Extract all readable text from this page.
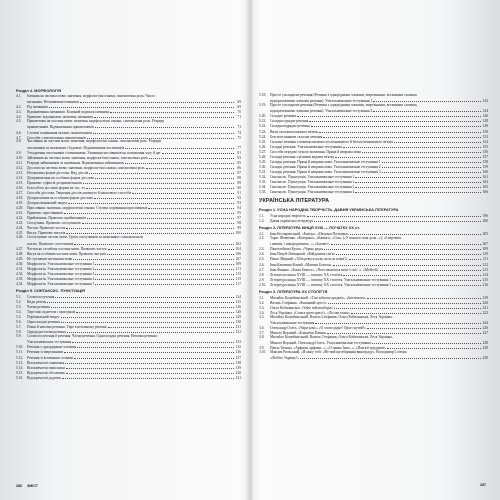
Розділ 4. МОРФОЛОГІЯ
4.1.	Іменник як частина мови: значення, морфологічні ознаки, синтаксична роль. Число
іменників. Незмінювані іменники	69
4.2.	Рід іменників	69
4.3.	Відмінювання іменників. Кличний відмінок іменника	70
4.4.	Правопис відмінкових закінчень іменників	71
4.5.	Прикметник як частина мови: значення, морфологічні ознаки, синтаксична роль. Розряди
прикметників. Відмінювання прикметників	73
4.6.	Ступені порівняння якісних прикметників	74
4.7.	Способи словотворення прикметників	75
4.8.	Числівник як частина мови: значення, морфологічні ознаки, синтаксична роль. Розряди
числівників за значенням і будовою. Відмінювання числівників	77
4.9.	Узгодження числівників з іменниками. Уживання числівників на позначення часу й дат	81
4.10.	Займенник як частина мови: значення, морфологічні ознаки, синтаксична роль	83
4.11.	Розряди займенників за значенням. Відмінювання займенників	85
4.12.	Дієслово як частина мови: значення, морфологічні ознаки, синтаксична роль	86
4.13.	Неозначена форма дієслова. Вид дієслів	87
4.14.	Дієприкметник як особлива форма дієслова	88
4.15.	Правопис суфіксів дієприкметників	89
4.16.	Безособові дієслівні форми на -но, -то	90
4.17.	Способи дієслова. Творення дієслів умовного й наказового способів	91
4.18.	Дієприслівник як особлива форма дієслова	92
4.19.	Дієприслівниковий зворот	93
4.20.	Прислівник: значення, морфологічні ознаки. Ступені порівняння прислівників	94
4.21.	Правопис прислівників	95
4.22.	Прийменник. Правопис прийменників	97
4.23.	Сполучник. Правопис сполучників	98
4.24.	Частки. Правопис часток	99
4.25.	Вигук. Правопис вигуків	100
4.26.	Сполучуване частин мови. Групи сполучників за значенням і синтаксичною
роллю. Правопис сполучників	102
4.27.	Частки як службова частина мови. Правопис часток	104
4.28.	Вигук як особлива частина мови. Правопис вигуків	106
4.29.	Не з різними частинами мови	107
4.30.	Морфологія. Узагальнювальне тестування 1	109
4.31.	Морфологія. Узагальнювальне тестування 2	111
4.32.	Морфологія. Узагальнювальне тестування 3	113
4.33.	Морфологія. Узагальнювальне тестування 4	115
4.34.	Морфологія. Узагальнювальне тестування 5	117
Розділ 5. СИНТАКСИС. ПУНКТУАЦІЯ
5.1.	Словосполучення	124
5.2.	Види речень	125
5.3.	Члени речення	126
5.4.	Тире між підметом і присудком	128
5.5.	Порівняльний зворот	129
5.6.	Односкладні речення	130
5.7.	Повні й неповні речення. Тире в неповному реченні	131
5.8.	Однорідні члени речення	132
5.9.	Словосполучення й речення. Члени речення. Односкладні речення. Неповні речення.
Узагальнювальне тестування	133
5.10.	Речення з однорідними членами	135
5.11.	Речення зі звертаннями	136
5.12.	Речення зі вставними словами	137
5.13.	Відокремлені означення	138
5.14.	Відокремлені прикладки	139
5.15.	Відокремлені обставини	140
5.16.	Відокремлені додатки	141
286 ЗМІСТ
5.18.	Просте ускладнене речення (Речення з однорідними членами, звертаннями, вставними словами,
відокремленими членами речення). Узагальнювальне тестування 1	143
5.19.	Просте ускладнене речення (Речення з однорідними членами, звертаннями, вставними словами,
відокремленими членами речення). Узагальнювальне тестування 2	144
5.20.	Складне речення	146
5.21.	Складносурядне речення	148
5.22.	Складнопідрядне речення	149
5.23.	Види складнопідрядних речень	150
5.24.	Безсполучникове складне речення	152
5.25.	Складне речення з різними видами сполучникового й безсполучникового зв'язку	154
5.26.	Складні речення. Узагальнювальне тестування	155
5.27.	Способи передачі чужого мовлення. Пряма й непряма мова	156
5.28.	Складні речення з різними видами зв'язку	157
5.29.	Складні речення. Пряма й непряма мова. Узагальнювальне тестування 1	158
5.30.	Складні речення. Пряма й непряма мова. Узагальнювальне тестування 2	159
5.31.	Складні речення. Пряма й непряма мова. Узагальнювальне тестування 3	160
5.32.	Синтаксис. Пунктуація. Узагальнювальне тестування 1	161
5.33.	Синтаксис. Пунктуація. Узагальнювальне тестування 2	163
5.34.	Синтаксис. Пунктуація. Узагальнювальне тестування 3	165
5.35.	Синтаксис. Пунктуація. Узагальнювальне тестування 4	166
УКРАЇНСЬКА ЛІТЕРАТУРА
Розділ 1. УСНА НАРОДНА ТВОРЧІСТЬ. ДАВНЯ УКРАЇНСЬКА ЛІТЕРАТУРА
1.1.	Усна народна творчість	196
1.2.	Давня українська література	200
Розділ 2. ЛІТЕРАТУРА КІНЦЯ XVIII — ПОЧАТКУ XX ст.
2.1.	Іван Котляревський. «Енеїда», «Наталка Полтавка»	205
2.2.	Тарас Шевченко. «Катерина», «Кавказ», «Сон» («У всякого своя доля...»), «І мертвим,
і живим, і ненародженим...», «Заповіт»	207
2.3.	Пантелеймон Куліш. «Чорна рада»	209
2.4.	Іван Нечуй-Левицький. «Кайдашева сім'я»	210
2.5.	Панас Мирний. «Хіба ревуть воли, як ясла повні?»	211
2.6.	Іван Карпенко-Карий. «Мартин Боруля»	212
2.7.	Іван Франко. «Захар Беркут», «Чого являєшся мені у сні?..», «Мойсей»	213
2.8.	Література кінця XVIII — початку XX століття	214
2.9.	Література кінця XVIII — початку XX століття. Узагальнювальне тестування 1	215
2.10.	Література кінця XVIII — початку XX століття. Узагальнювальне тестування 2	216
Розділ 3. ЛІТЕРАТУРА XX СТОЛІТТЯ
3.1.	Михайло Коцюбинський. «Тіні забутих предків», «Intermezzo»	219
3.2.	Василь Стефаник. «Камінний хрест»	220
3.3.	Ольга Кобилянська. «Valse mélancolique»	221
3.4.	Леся Українка. «Contra spem spero!», «Лісова пісня»	222
3.5.	Михайло Коцюбинський, Василь Стефаник, Ольга Кобилянська, Леся Українка.
Узагальнювальне тестування	224
3.6.	Олександр Олесь. «Чари ночі», «О слово рідне! Орле скутий!»	226
3.7.	Микола Вороний. «Блакитна Панна»	227
3.8.	Михайло Коцюбинський, Василь Стефаник, Ольга Кобилянська, Леся Українка,
Микола Вороний, Олександр Олесь. Узагальнювальне тестування	228
3.9.	Павло Тичина. «Арфами, арфами...», «О панно Інно...», «Пам'яті тридцяти»	229
3.10.	Максим Рильський. «Я кажу тобі: «Не пий ще вбирання винограду», Володимир Сосюра.
«Любіть Україну!»	230
287
